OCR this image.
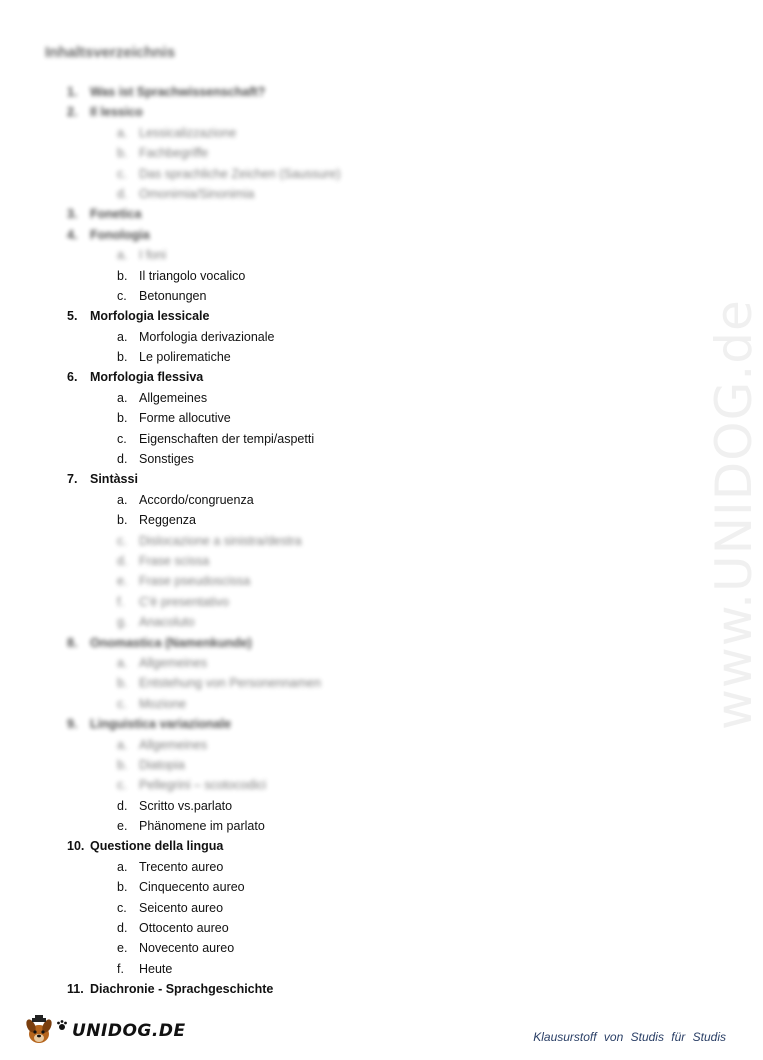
www.UNIDOG.de
Inhaltsverzeichnis
1.	Was ist Sprachwissenschaft?
2.	Il lessico
a. Lessicalizzazione
b. Fachbegriffe
c. Das sprachliche Zeichen (Saussure)
d. Omonimia/Sinonimia
3.	Fonetica
4.	Fonologia
a. I foni
b. Il triangolo vocalico
c. Betonungen
5.	Morfologia lessicale
a. Morfologia derivazionale
b. Le polirematiche
6.	Morfologia flessiva
a. Allgemeines
b. Forme allocutive
c. Eigenschaften der tempi/aspetti
d. Sonstiges
7.	Sintàssi
a. Accordo/congruenza
b. Reggenza
c. Dislocazione a sinistra/destra
d. Frase scissa
e. Frase pseudoscissa
f.	C'è presentativo
g. Anacoluto
8.	Onomastica (Namenkunde)
a. Allgemeines
b. Entstehung von Personennamen
c. Mozione
9.	Linguistica variazionale
a. Allgemeines
b. Diatopia
c. Pellegrini – scotocodici
d. Scritto vs.parlato
e. Phänomene im parlato
10. Questione della lingua
a. Trecento aureo
b. Cinquecento aureo
c. Seicento aureo
d. Ottocento aureo
e. Novecento aureo
f.	Heute
11. Diachronie - Sprachgeschichte
UNIDOG.DE	Klausurstoff von Studis für Studis
